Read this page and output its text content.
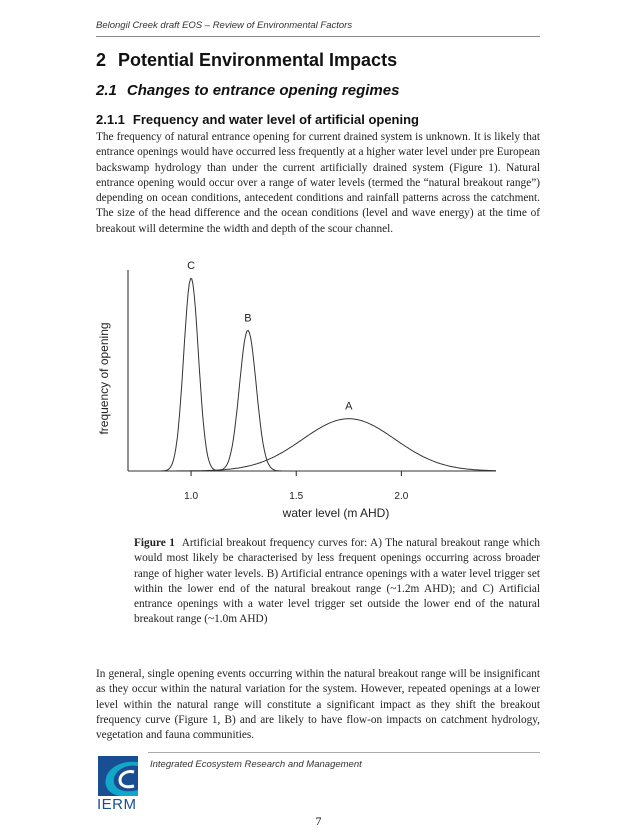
Belongil Creek draft EOS – Review of Environmental Factors
2 Potential Environmental Impacts
2.1 Changes to entrance opening regimes
2.1.1 Frequency and water level of artificial opening

The frequency of natural entrance opening for current drained system is unknown. It is likely that entrance openings would have occurred less frequently at a higher water level under pre European backswamp hydrology than under the current artificially drained system (Figure 1). Natural entrance opening would occur over a range of water levels (termed the “natural breakout range”) depending on ocean conditions, antecedent conditions and rainfall patterns across the catchment. The size of the head difference and the ocean conditions (level and wave energy) at the time of breakout will determine the width and depth of the scour channel.

1.0	1.5	2.0
water level (m AHD)
frequency of opening
C
B
A

Figure 1 Artificial breakout frequency curves for: A) The natural breakout range which would most likely be characterised by less frequent openings occurring across broader range of higher water levels. B) Artificial entrance openings with a water level trigger set within the lower end of the natural breakout range (~1.2m AHD); and C) Artificial entrance openings with a water level trigger set outside the lower end of the natural breakout range (~1.0m AHD)

In general, single opening events occurring within the natural breakout range will be insignificant as they occur within the natural variation for the system. However, repeated openings at a lower level within the natural range will constitute a significant impact as they shift the breakout frequency curve (Figure 1, B) and are likely to have flow-on impacts on catchment hydrology, vegetation and fauna communities.

Integrated Ecosystem Research and Management
IERM
7
